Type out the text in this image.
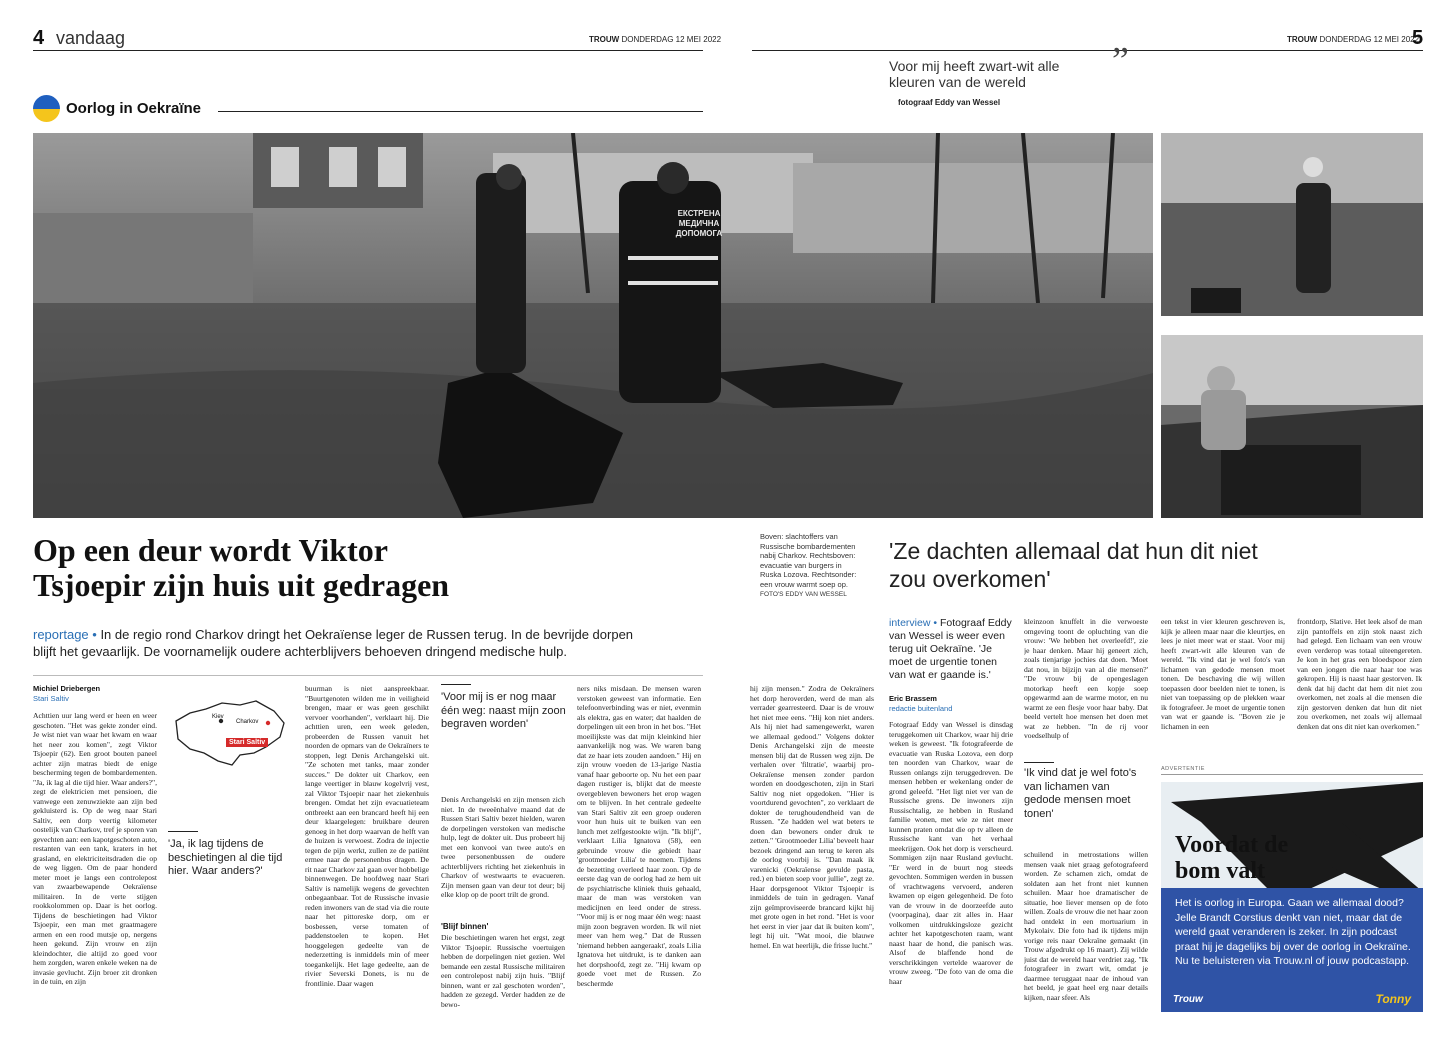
4 vandaag	TROUW DONDERDAG 12 MEI 2022
Oorlog in Oekraïne
TROUW DONDERDAG 12 MEI 2022
5
Voor mij heeft zwart-wit alle kleuren van de wereld	”
fotograaf Eddy van Wessel
ЕКСТРЕНА МЕДИЧНА ДОПОМОГА
Op een deur wordt Viktor Tsjoepir zijn huis uit gedragen
Boven: slachtoffers van Russische bombardementen nabij Charkov. Rechtsboven: evacuatie van burgers in Ruska Lozova. Rechtsonder: een vrouw warmt soep op.
FOTO'S EDDY VAN WESSEL
reportage • In de regio rond Charkov dringt het Oekraïense leger de Russen terug. In de bevrijde dorpen blijft het gevaarlijk. De voornamelijk oudere achterblijvers behoeven dringend medische hulp.
Michiel Driebergen
Stari Saltiv
Achttien uur lang werd er heen en weer geschoten. "Het was gekte zonder eind. Je wist niet van waar het kwam en waar het neer zou komen", zegt Viktor Tsjoepir (62). Een groot bouten paneel achter zijn matras biedt de enige bescherming tegen de bombardementen. "Ja, ik lag al die tijd hier. Waar anders?", zegt de elektricien met pensioen, die vanwege een zenuwziekte aan zijn bed gekluisterd is. Op de weg naar Stari Saltiv, een dorp veertig kilometer oostelijk van Charkov, tref je sporen van gevechten aan: een kapotgeschoten auto, restanten van een tank, kraters in het grasland, en elektriciteitsdraden die op de weg liggen. Om de paar honderd meter moet je langs een controlepost van zwaarbewapende Oekraïense militairen. In de verte stijgen rookkolommen op. Daar is het oorlog. Tijdens de beschietingen had Viktor Tsjoepir, een man met graatmagere armen en een rood mutsje op, nergens heen gekund. Zijn vrouw en zijn kleindochter, die altijd zo goed voor hem zorgden, waren enkele weken na de invasie gevlucht. Zijn broer zit dronken in de tuin, en zijn
Kiev
Charkov
Stari Saltiv
'Ja, ik lag tijdens de beschietingen al die tijd hier. Waar anders?'
buurman is niet aanspreekbaar. "Buurtgenoten wilden me in veiligheid brengen, maar er was geen geschikt vervoer voorhanden", verklaart hij. Die achttien uren, een week geleden, probeerden de Russen vanuit het noorden de opmars van de Oekraïners te stoppen, legt Denis Archangelski uit. "Ze schoten met tanks, maar zonder succes." De dokter uit Charkov, een lange veertiger in blauw kogelvrij vest, zal Viktor Tsjoepir naar het ziekenhuis brengen. Omdat het zijn evacuatieteam ontbreekt aan een brancard heeft hij een deur klaargelegen: bruikbare deuren genoeg in het dorp waarvan de helft van de huizen is verwoest. Zodra de injectie tegen de pijn werkt, zullen ze de patiënt ermee naar de personenbus dragen. De rit naar Charkov zal gaan over hobbelige binnenwegen. De hoofdweg naar Stari Saltiv is namelijk wegens de gevechten onbegaanbaar. Tot de Russische invasie reden inwoners van de stad via die route naar het pittoreske dorp, om er bosbessen, verse tomaten of paddenstoelen te kopen. Het hooggelegen gedeelte van de nederzetting is inmiddels min of meer toegankelijk. Het lage gedeelte, aan de rivier Severski Donets, is nu de frontlinie. Daar wagen
'Voor mij is er nog maar één weg: naast mijn zoon begraven worden'
Denis Archangelski en zijn mensen zich niet. In de tweeënhalve maand dat de Russen Stari Saltiv bezet hielden, waren de dorpelingen verstoken van medische hulp, legt de dokter uit. Dus probeert hij met een konvooi van twee auto's en twee personenbussen de oudere achterblijvers richting het ziekenhuis in Charkov of westwaarts te evacueren. Zijn mensen gaan van deur tot deur; bij elke klop op de poort trilt de grond.
'Blijf binnen'
Die beschietingen waren het ergst, zegt Viktor Tsjoepir. Russische voertuigen hebben de dorpelingen niet gezien. Wel bemande een zestal Russische militairen een controlepost nabij zijn huis. "Blijf binnen, want er zal geschoten worden", hadden ze gezegd. Verder hadden ze de bewo-
ners niks misdaan. De mensen waren verstoken geweest van informatie. Een telefoonverbinding was er niet, evenmin als elektra, gas en water; dat haalden de dorpelingen uit een bron in het bos. "Het moeilijkste was dat mijn kleinkind hier aanvankelijk nog was. We waren bang dat ze haar iets zouden aandoen." Hij en zijn vrouw voeden de 13-jarige Nastia vanaf haar geboorte op. Nu het een paar dagen rustiger is, blijkt dat de meeste overgebleven bewoners het erop wagen om te blijven. In het centrale gedeelte van Stari Saltiv zit een groep ouderen voor hun huis uit te buiken van een lunch met zelfgestookte wijn. "Ik blijf", verklaart Lilia Ignatova (58), een gebruinde vrouw die gebiedt haar 'grootmoeder Lilia' te noemen. Tijdens de bezetting overleed haar zoon. Op de eerste dag van de oorlog had ze hem uit de psychiatrische kliniek thuis gehaald, maar de man was verstoken van medicijnen en leed onder de stress. "Voor mij is er nog maar één weg: naast mijn zoon begraven worden. Ik wil niet meer van hem weg." Dat de Russen 'niemand hebben aangeraakt', zoals Lilia Ignatova het uitdrukt, is te danken aan het dorpshoofd, zegt ze. "Hij kwam op goede voet met de Russen. Zo beschermde
hij zijn mensen." Zodra de Oekraïners het dorp heroverden, werd de man als verrader gearresteerd. Daar is de vrouw het niet mee eens. "Hij kon niet anders. Als hij niet had samengewerkt, waren we allemaal gedood." Volgens dokter Denis Archangelski zijn de meeste mensen blij dat de Russen weg zijn. De verhalen over 'filtratie', waarbij pro-Oekraïense mensen zonder pardon worden en doodgeschoten, zijn in Stari Saltiv nog niet opgedoken. "Hier is voortdurend gevochten", zo verklaart de dokter de terughoudendheid van de Russen. "Ze hadden wel wat beters te doen dan bewoners onder druk te zetten." 'Grootmoeder Lilia' beveelt haar bezoek dringend aan terug te keren als de oorlog voorbij is. "Dan maak ik varenicki (Oekraïense gevulde pasta, red.) en bieten soep voor jullie", zegt ze. Haar dorpsgenoot Viktor Tsjoepir is inmiddels de tuin in gedragen. Vanaf zijn geïmproviseerde brancard kijkt hij met grote ogen in het rond. "Het is voor het eerst in vier jaar dat ik buiten kom", legt hij uit. "Wat mooi, die blauwe hemel. En wat heerlijk, die frisse lucht."
'Ze dachten allemaal dat hun dit niet zou overkomen'
interview • Fotograaf Eddy van Wessel is weer even terug uit Oekraïne. 'Je moet de urgentie tonen van wat er gaande is.'
Eric Brassem
redactie buitenland
Fotograaf Eddy van Wessel is dinsdag teruggekomen uit Charkov, waar hij drie weken is geweest. "Ik fotografeerde de evacuatie van Ruska Lozova, een dorp ten noorden van Charkov, waar de Russen onlangs zijn teruggedreven. De mensen hebben er wekenlang onder de grond geleefd. "Het ligt niet ver van de Russische grens. De inwoners zijn Russischtalig, ze hebben in Rusland familie wonen, met wie ze niet meer kunnen praten omdat die op tv alleen de Russische kant van het verhaal meekrijgen. Ook het dorp is verscheurd. Sommigen zijn naar Rusland gevlucht. "Er werd in de buurt nog steeds gevochten. Sommigen werden in bussen of vrachtwagens vervoerd, anderen kwamen op eigen gelegenheid. De foto van de vrouw in de doorzeefde auto (voorpagina), daar zit alles in. Haar volkomen uitdrukkingsloze gezicht achter het kapotgeschoten raam, want naast haar de hond, die panisch was. Alsof de blaffende hond de verschrikkingen vertelde waarover de vrouw zweeg. "De foto van de oma die haar
kleinzoon knuffelt in die verwoeste omgeving toont de opluchting van die vrouw: 'We hebben het overleefd!', zie je haar denken. Maar hij geneert zich, zoals tienjarige jochies dat doen. 'Moet dat nou, in bijzijn van al die mensen?' "De vrouw bij de opengeslagen motorkap heeft een kopje soep opgewarmd aan de warme motor, en nu warmt ze een flesje voor haar baby. Dat beeld vertelt hoe mensen het doen met wat ze hebben. "In de rij voor voedselhulp of
'Ik vind dat je wel foto's van lichamen van gedode mensen moet tonen'
schuilend in metrostations willen mensen vaak niet graag gefotografeerd worden. Ze schamen zich, omdat de soldaten aan het front niet kunnen schuilen. Maar hoe dramatischer de situatie, hoe liever mensen op de foto willen. Zoals de vrouw die net haar zoon had ontdekt in een mortuarium in Mykolaiv. Die foto had ik tijdens mijn vorige reis naar Oekraïne gemaakt (in Trouw afgedrukt op 16 maart). Zij wilde juist dat de wereld haar verdriet zag. "Ik fotografeer in zwart wit, omdat je daarmee teruggaat naar de inhoud van het beeld, je gaat heel erg naar details kijken, naar sfeer. Als
een tekst in vier kleuren geschreven is, kijk je alleen maar naar die kleurtjes, en lees je niet meer wat er staat. Voor mij heeft zwart-wit alle kleuren van de wereld. "Ik vind dat je wel foto's van lichamen van gedode mensen moet tonen. De beschaving die wij willen toepassen door beelden niet te tonen, is niet van toepassing op de plekken waar ik fotografeer. Je moet de urgentie tonen van wat er gaande is. "Boven zie je lichamen in een
frontdorp, Slative. Het leek alsof de man zijn pantoffels en zijn stok naast zich had gelegd. Een lichaam van een vrouw even verderop was totaal uiteengereten. Je kon in het gras een bloedspoor zien van een jongen die naar haar toe was gekropen. Hij is naast haar gestorven. Ik denk dat hij dacht dat hem dit niet zou overkomen, net zoals al die mensen die zijn gestorven denken dat hun dit niet zou overkomen, net zoals wij allemaal denken dat ons dit niet kan overkomen."
ADVERTENTIE
Voordat de bom valt
Het is oorlog in Europa. Gaan we allemaal dood? Jelle Brandt Corstius denkt van niet, maar dat de wereld gaat veranderen is zeker. In zijn podcast praat hij je dagelijks bij over de oorlog in Oekraïne. Nu te beluisteren via Trouw.nl of jouw podcastapp.
Trouw	Tonny
